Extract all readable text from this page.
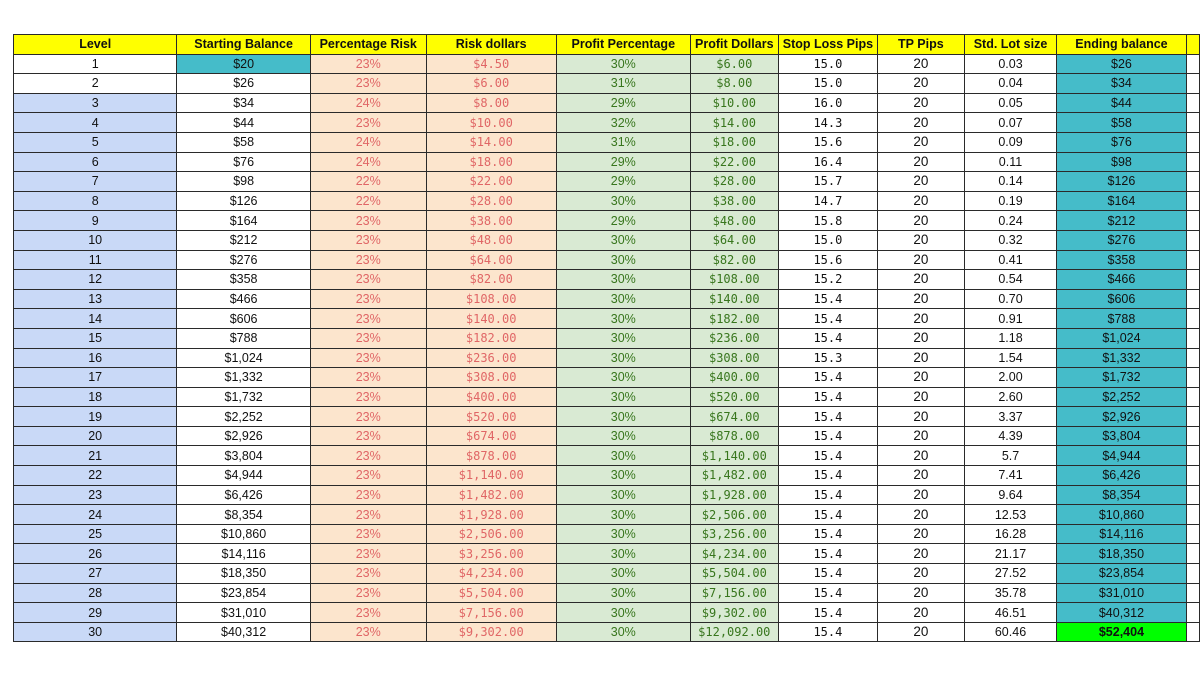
Level	Starting Balance	Percentage Risk	Risk dollars	Profit Percentage	Profit Dollars	Stop Loss Pips	TP Pips	Std. Lot size	Ending balance	
1	$20	23%	$4.50	30%	$6.00	15.0	20	0.03	$26	
2	$26	23%	$6.00	31%	$8.00	15.0	20	0.04	$34	
3	$34	24%	$8.00	29%	$10.00	16.0	20	0.05	$44	
4	$44	23%	$10.00	32%	$14.00	14.3	20	0.07	$58	
5	$58	24%	$14.00	31%	$18.00	15.6	20	0.09	$76	
6	$76	24%	$18.00	29%	$22.00	16.4	20	0.11	$98	
7	$98	22%	$22.00	29%	$28.00	15.7	20	0.14	$126	
8	$126	22%	$28.00	30%	$38.00	14.7	20	0.19	$164	
9	$164	23%	$38.00	29%	$48.00	15.8	20	0.24	$212	
10	$212	23%	$48.00	30%	$64.00	15.0	20	0.32	$276	
11	$276	23%	$64.00	30%	$82.00	15.6	20	0.41	$358	
12	$358	23%	$82.00	30%	$108.00	15.2	20	0.54	$466	
13	$466	23%	$108.00	30%	$140.00	15.4	20	0.70	$606	
14	$606	23%	$140.00	30%	$182.00	15.4	20	0.91	$788	
15	$788	23%	$182.00	30%	$236.00	15.4	20	1.18	$1,024	
16	$1,024	23%	$236.00	30%	$308.00	15.3	20	1.54	$1,332	
17	$1,332	23%	$308.00	30%	$400.00	15.4	20	2.00	$1,732	
18	$1,732	23%	$400.00	30%	$520.00	15.4	20	2.60	$2,252	
19	$2,252	23%	$520.00	30%	$674.00	15.4	20	3.37	$2,926	
20	$2,926	23%	$674.00	30%	$878.00	15.4	20	4.39	$3,804	
21	$3,804	23%	$878.00	30%	$1,140.00	15.4	20	5.7	$4,944	
22	$4,944	23%	$1,140.00	30%	$1,482.00	15.4	20	7.41	$6,426	
23	$6,426	23%	$1,482.00	30%	$1,928.00	15.4	20	9.64	$8,354	
24	$8,354	23%	$1,928.00	30%	$2,506.00	15.4	20	12.53	$10,860	
25	$10,860	23%	$2,506.00	30%	$3,256.00	15.4	20	16.28	$14,116	
26	$14,116	23%	$3,256.00	30%	$4,234.00	15.4	20	21.17	$18,350	
27	$18,350	23%	$4,234.00	30%	$5,504.00	15.4	20	27.52	$23,854	
28	$23,854	23%	$5,504.00	30%	$7,156.00	15.4	20	35.78	$31,010	
29	$31,010	23%	$7,156.00	30%	$9,302.00	15.4	20	46.51	$40,312	
30	$40,312	23%	$9,302.00	30%	$12,092.00	15.4	20	60.46	$52,404	
